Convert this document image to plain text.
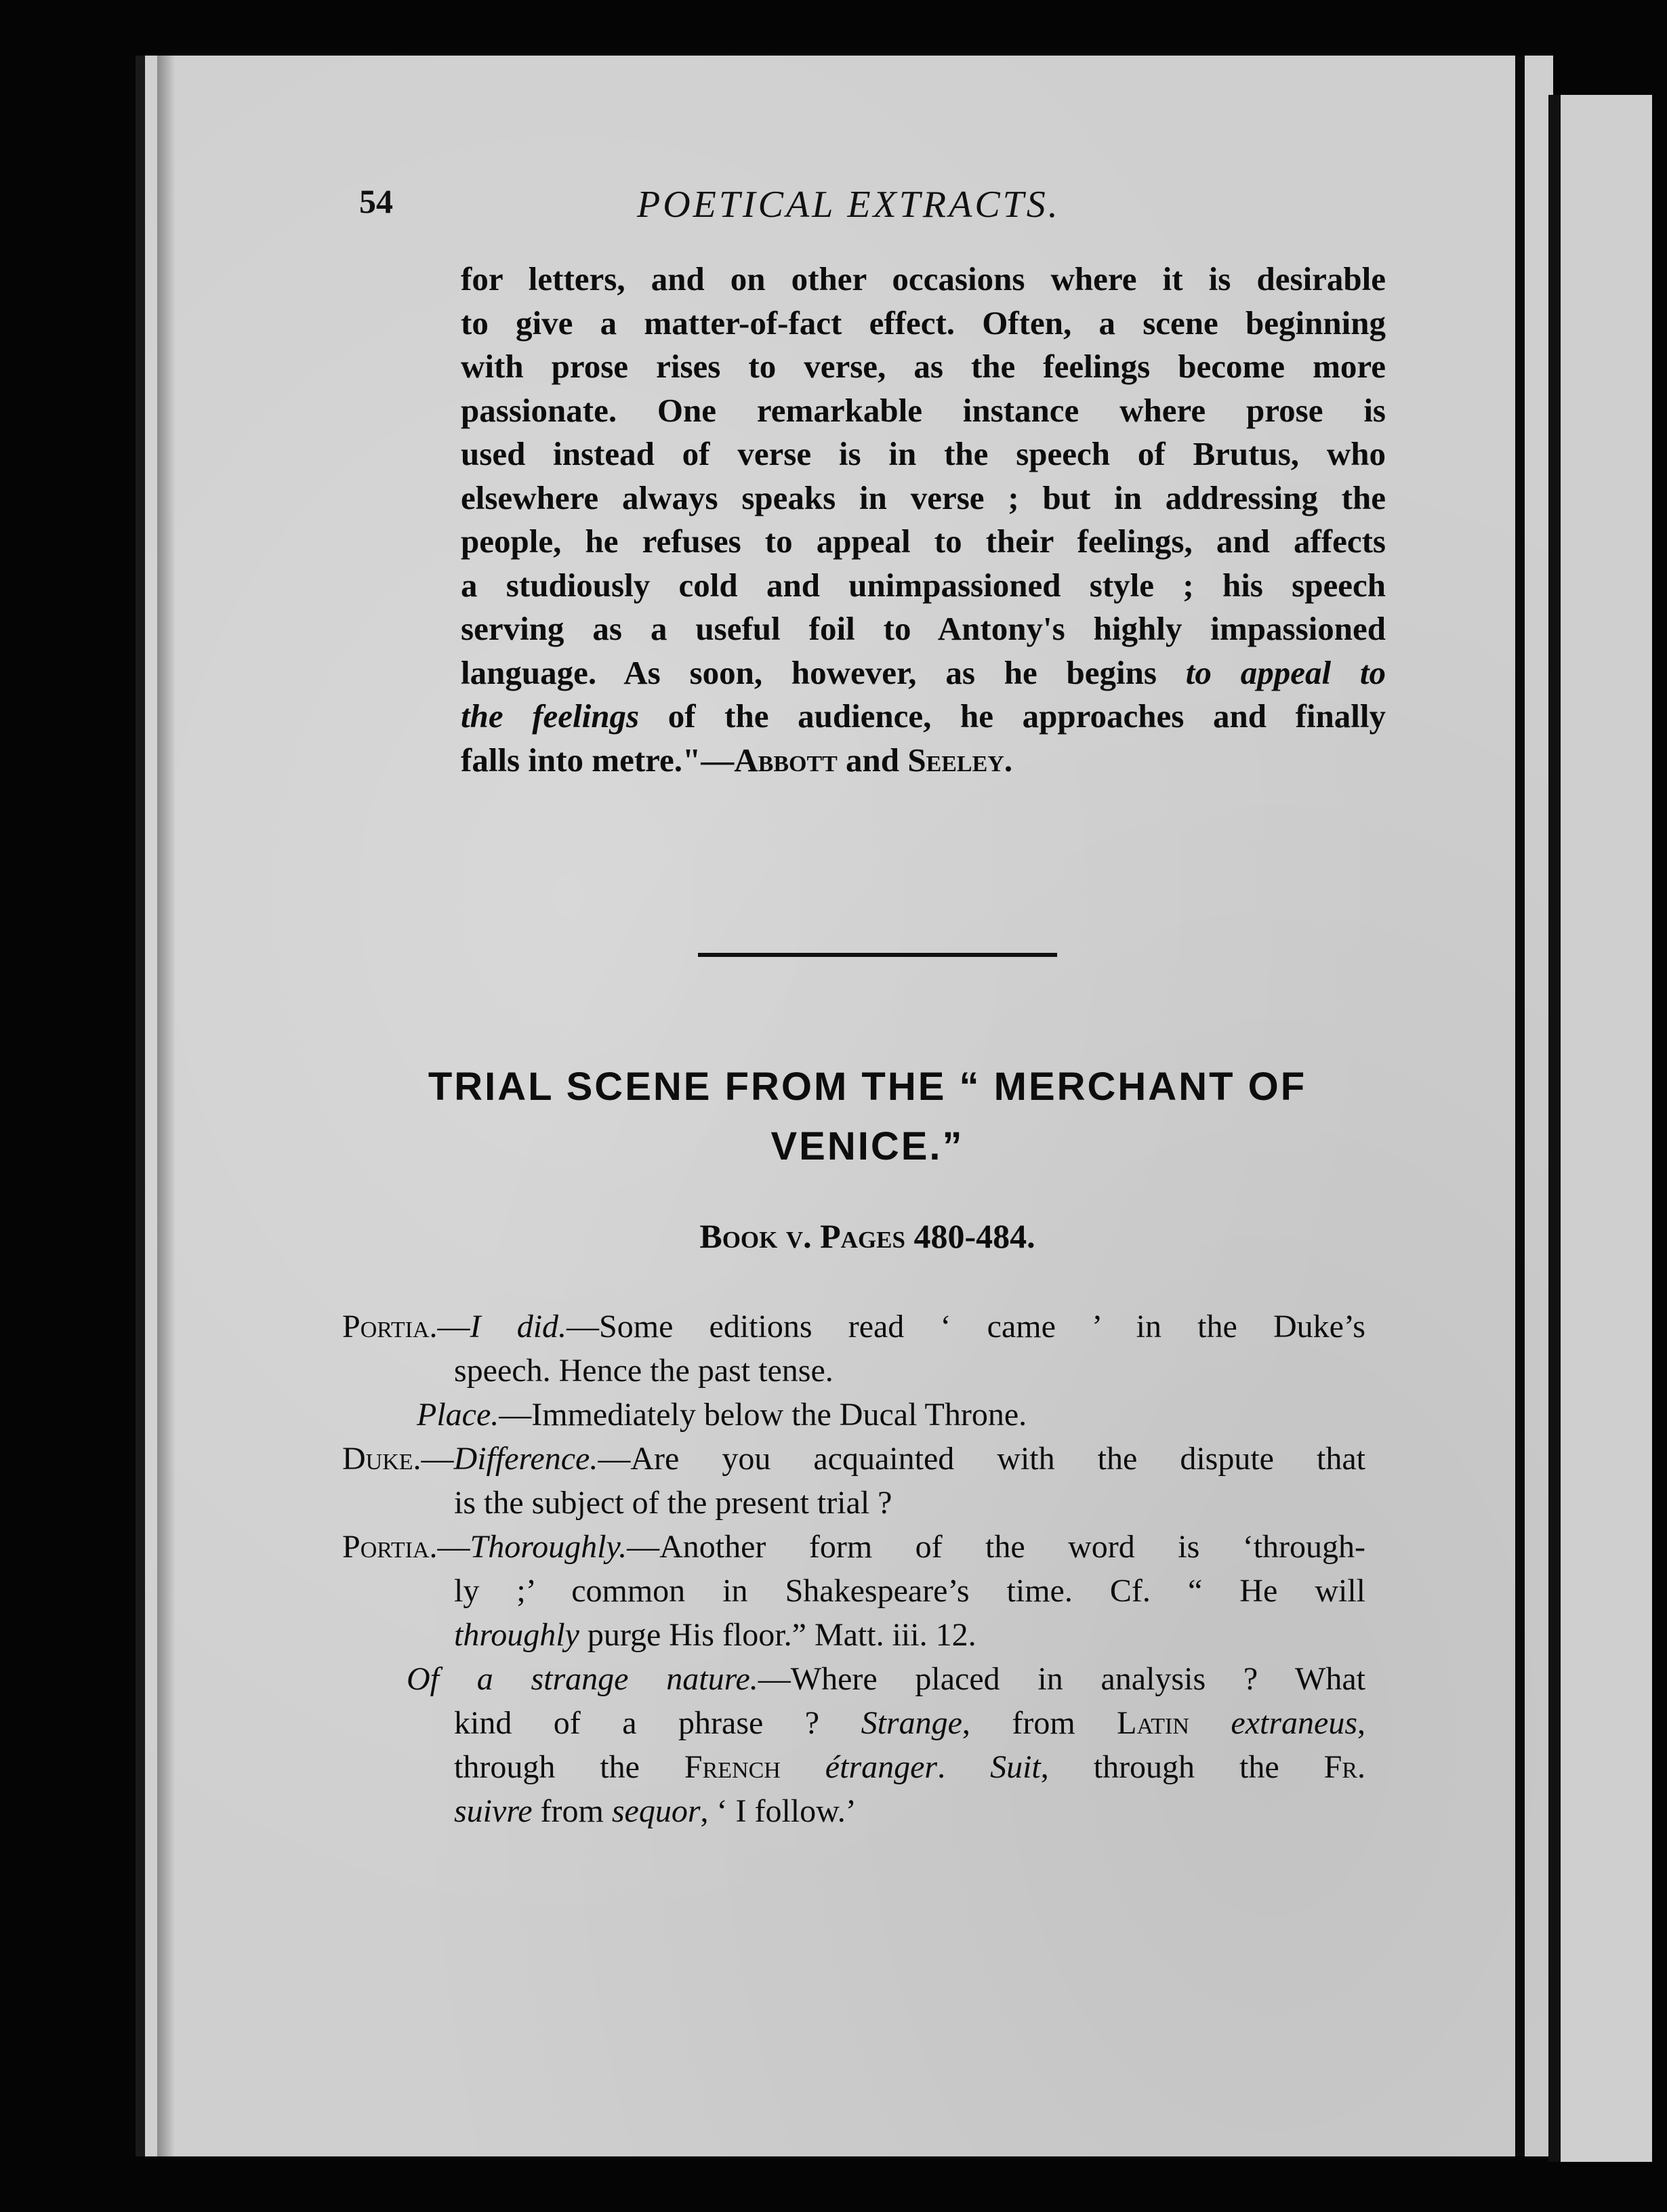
54	POETICAL EXTRACTS.
for letters, and on other occasions where it is desirable
to give a matter-of-fact effect. Often, a scene beginning
with prose rises to verse, as the feelings become more
passionate. One remarkable instance where prose is
used instead of verse is in the speech of Brutus, who
elsewhere always speaks in verse ; but in addressing the
people, he refuses to appeal to their feelings, and affects
a studiously cold and unimpassioned style ; his speech
serving as a useful foil to Antony's highly impassioned
language. As soon, however, as he begins to appeal to
the feelings of the audience, he approaches and finally
falls into metre."—Abbott and Seeley.
TRIAL SCENE FROM THE “ MERCHANT OF
VENICE.”
Book v. Pages 480-484.
Portia.—I did.—Some editions read ‘ came ’ in the Duke’s
speech. Hence the past tense.
Place.—Immediately below the Ducal Throne.
Duke.—Difference.—Are you acquainted with the dispute that
is the subject of the present trial ?
Portia.—Thoroughly.—Another form of the word is ‘through-
ly ;’ common in Shakespeare’s time. Cf. “ He will
throughly purge His floor.” Matt. iii. 12.
Of a strange nature.—Where placed in analysis ? What
kind of a phrase ? Strange, from Latin extraneus,
through the French étranger. Suit, through the Fr.
suivre from sequor, ‘ I follow.’
